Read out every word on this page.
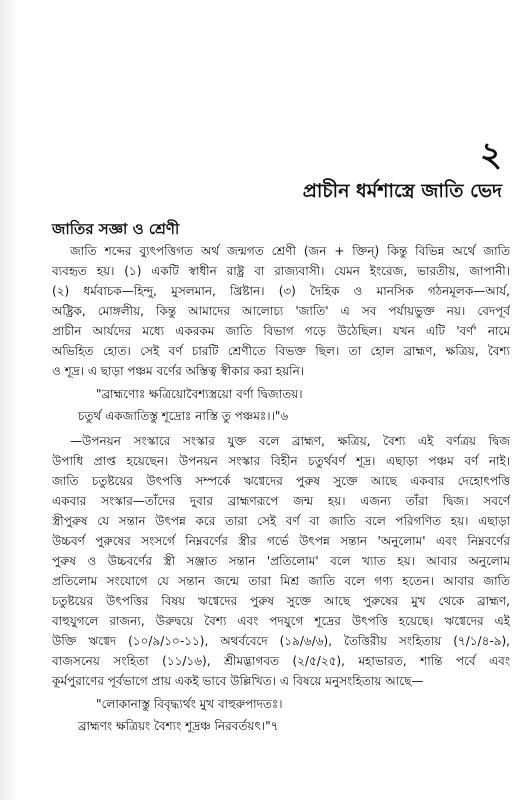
২
প্রাচীন ধর্মশাস্ত্রে জাতি ভেদ
জাতির সজ্ঞা ও শ্রেণী
জাতি শব্দের ব্যুৎপত্তিগত অর্থ জন্মগত শ্রেণী (জন + ক্তিন্) কিন্তু বিভিন্ন অর্থে জাতি
ব্যবহৃত হয়। (১) একটি স্বাধীন রাষ্ট্র বা রাজ্যবাসী। যেমন ইংরেজ, ভারতীয়, জাপানী।
(২) ধর্মবাচক—হিন্দু, মুসলমান, খ্রিষ্টান। (৩) দৈহিক ও মানসিক গঠনমূলক—আর্য,
অষ্ট্রিক, মোঙ্গলীয়, কিন্তু আমাদের আলোচ্য 'জাতি' এ সব পর্যায়ভুক্ত নয়। বেদপূর্ব
প্রাচীন আর্যদের মধ্যে একরকম জাতি বিভাগ গড়ে উঠেছিল। যখন এটি 'বর্ণ' নামে
অভিহিত হোত। সেই বর্ণ চারটি শ্রেণীতে বিভক্ত ছিল। তা হোল ব্রাহ্মণ, ক্ষত্রিয়, বৈশ্য
ও শূদ্র। এ ছাড়া পঞ্চম বর্ণের অস্তিত্ব স্বীকার করা হয়নি।
"ব্রাহ্মণোঃ ক্ষত্রিয়োবৈশ্যস্ত্রয়ো বর্ণা দ্বিজাতয়।
চতুর্থ একজাতিস্তু শূদ্রোঃ নাস্তি তু পঞ্চমঃ।।"৬
—উপনয়ন সংস্কারে সংস্কার যুক্ত বলে ব্রাহ্মণ, ক্ষত্রিয়, বৈশ্য এই বর্ণত্রয় দ্বিজ
উপাধি প্রাপ্ত হয়েছেন। উপনয়ন সংস্কার বিহীন চতুর্থবর্ণ শূদ্র। এছাড়া পঞ্চম বর্ণ নাই।
জাতি চতুষ্টয়ের উৎপত্তি সম্পর্কে ঋগ্বেদের পুরুষ সুক্তে আছে একবার দেহোৎপত্তি
একবার সংস্কার—তাঁদের দুবার ব্রাহ্মণরূপে জন্ম হয়। এজন্য তাঁরা দ্বিজ। সবর্ণে
স্ত্রীপুরুষ যে সন্তান উৎপন্ন করে তারা সেই বর্ণ বা জাতি বলে পরিগণিত হয়। এছাড়া
উচ্চবর্ণ পুরুষের সংসর্গে নিম্নবর্ণের স্ত্রীর গর্ভে উৎপন্ন সন্তান 'অনুলোম' এবং নিম্নবর্ণের
পুরুষ ও উচ্চবর্ণের স্ত্রী সঞ্জাত সন্তান 'প্রতিলোম' বলে খ্যাত হয়। আবার অনুলোম
প্রতিলোম সংযোগে যে সন্তান জন্মে তারা মিশ্র জাতি বলে গণ্য হতেন। আবার জাতি
চতুষ্টয়ের উৎপত্তির বিষয় ঋগ্বেদের পুরুষ সুক্তে আছে পুরুষের মুখ থেকে ব্রাহ্মণ,
বাহুযুগলে রাজন্য, উরুদ্বয়ে বৈশ্য এবং পদযুগে শূদ্রের উৎপত্তি হয়েছে। ঋগ্বেদের এই
উক্তি ঋগ্বেদ (১০/৯/১০-১১), অথর্ববেদে (১৯/৬/৬), তৈত্তিরীয় সংহিতায় (৭/১/৪-৯),
বাজসনেয় সংহিতা (১১/১৬), শ্রীমদ্ভাগবত (২/৫/২৫), মহাভারত, শান্তি পর্বে এবং
কূর্মপুরাণের পূর্বভাগে প্রায় একই ভাবে উল্লিখিত। এ বিষয়ে মনুসংহিতায় আছে—
"লোকানাস্তু বিবৃদ্ধ্যর্থং মুখ বাহুরুপাদতঃ।
ব্রাহ্মণং ক্ষত্রিয়ং বৈশ্যং শূদ্রঞ্চ নিরবর্তয়ৎ।"৭
